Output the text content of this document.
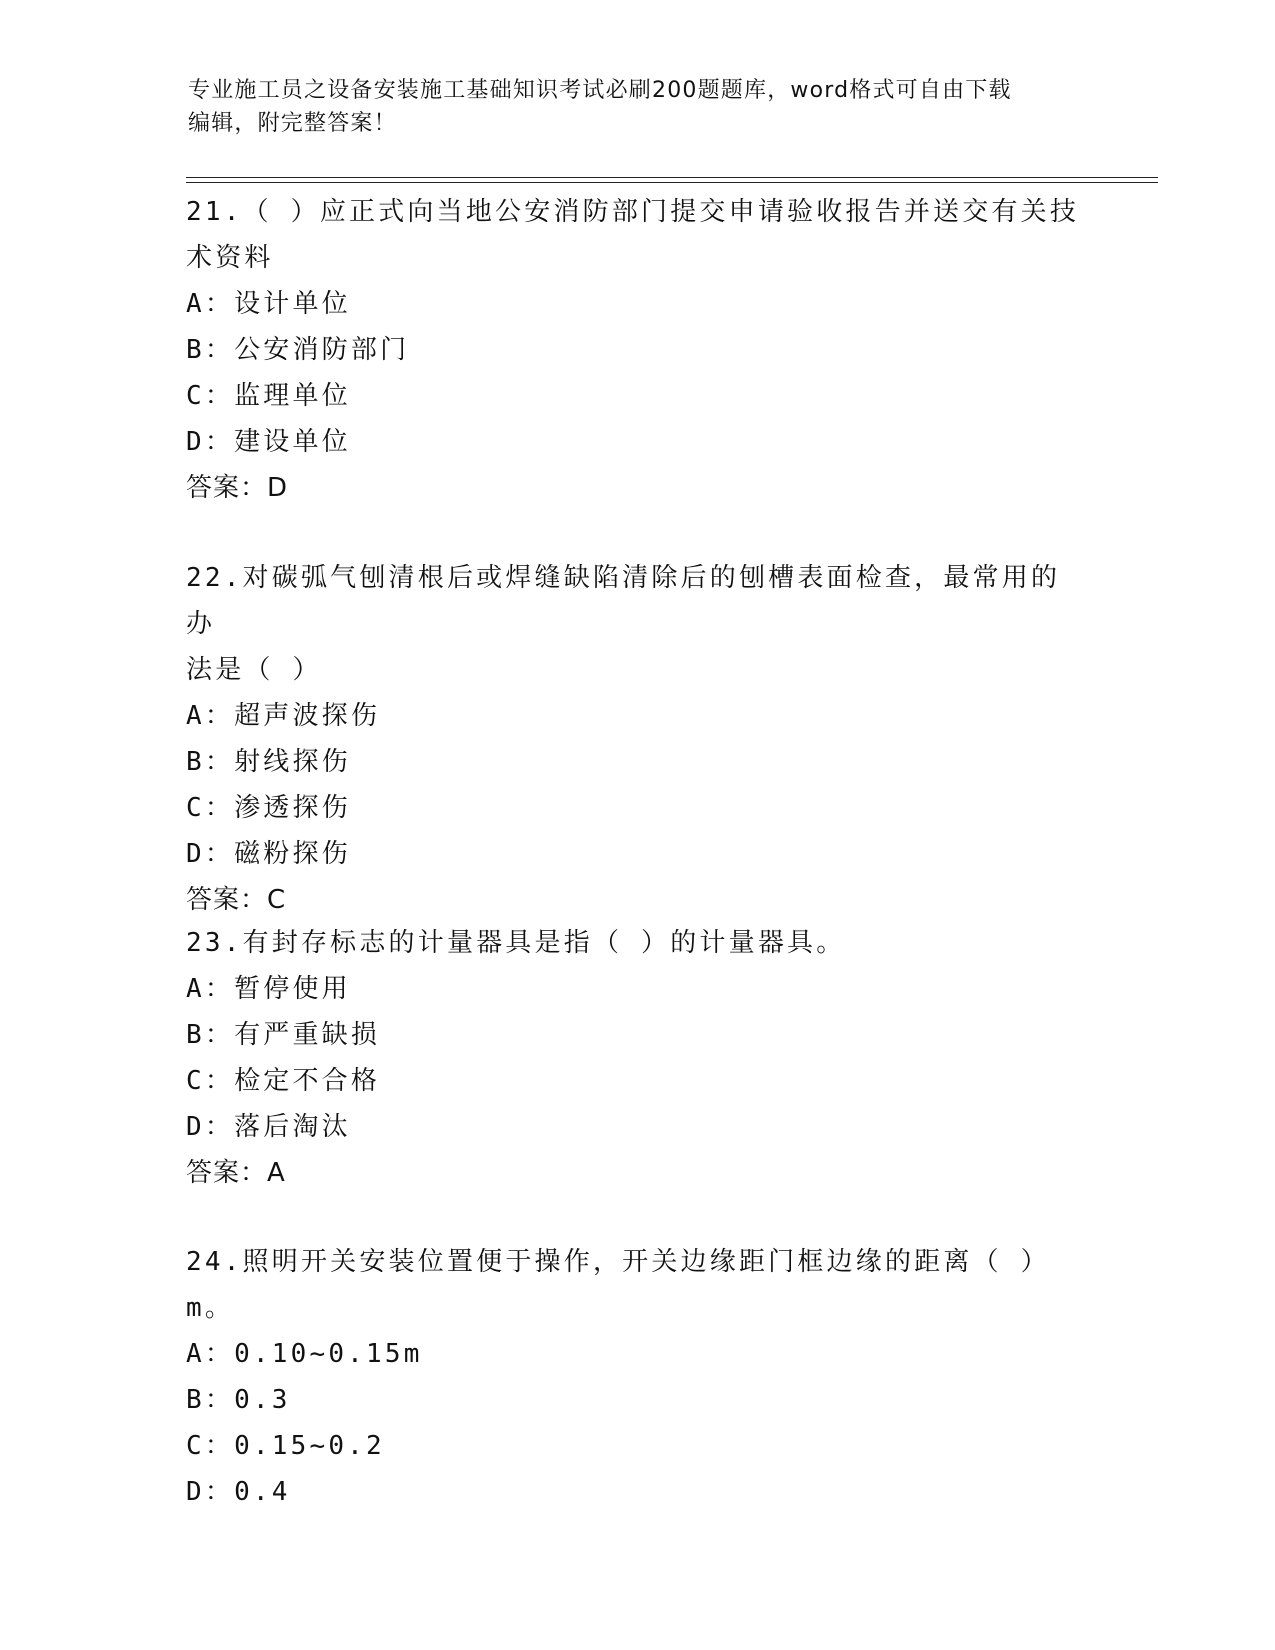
专业施工员之设备安装施工基础知识考试必刷200题题库，word格式可自由下载
编辑，附完整答案！
21.（ ）应正式向当地公安消防部门提交申请验收报告并送交有关技
术资料
A：设计单位
B：公安消防部门
C：监理单位
D：建设单位
答案：D
22.对碳弧气刨清根后或焊缝缺陷清除后的刨槽表面检查，最常用的办
法是（ ）
A：超声波探伤
B：射线探伤
C：渗透探伤
D：磁粉探伤
答案：C
23.有封存标志的计量器具是指（ ）的计量器具。
A：暂停使用
B：有严重缺损
C：检定不合格
D：落后淘汰
答案：A
24.照明开关安装位置便于操作，开关边缘距门框边缘的距离（ ）m。
A：0.10~0.15m
B：0.3
C：0.15~0.2
D：0.4
